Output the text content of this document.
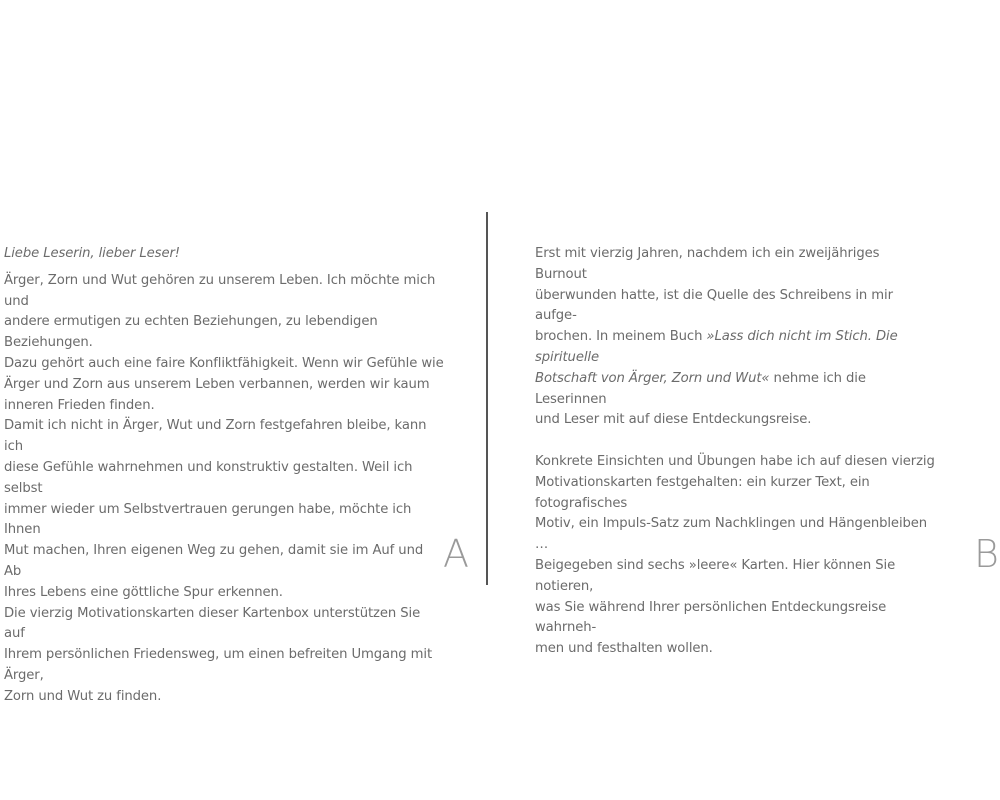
Liebe Leserin, lieber Leser!

Ärger, Zorn und Wut gehören zu unserem Leben. Ich möchte mich und

andere ermutigen zu echten Beziehungen, zu lebendigen Beziehungen.

Dazu gehört auch eine faire Konfliktfähigkeit. Wenn wir Gefühle wie

Ärger und Zorn aus unserem Leben verbannen, werden wir kaum

inneren Frieden finden.

Damit ich nicht in Ärger, Wut und Zorn festgefahren bleibe, kann ich

diese Gefühle wahrnehmen und konstruktiv gestalten. Weil ich selbst

immer wieder um Selbstvertrauen gerungen habe, möchte ich Ihnen

Mut machen, Ihren eigenen Weg zu gehen, damit sie im Auf und Ab

Ihres Lebens eine göttliche Spur erkennen.

Die vierzig Motivationskarten dieser Kartenbox unterstützen Sie auf

Ihrem persönlichen Friedensweg, um einen befreiten Umgang mit Ärger,

Zorn und Wut zu finden.

A

Erst mit vierzig Jahren, nachdem ich ein zweijähriges Burnout

überwunden hatte, ist die Quelle des Schreibens in mir aufge-

brochen. In meinem Buch »Lass dich nicht im Stich. Die spirituelle

Botschaft von Ärger, Zorn und Wut« nehme ich die Leserinnen

und Leser mit auf diese Entdeckungsreise.

Konkrete Einsichten und Übungen habe ich auf diesen vierzig

Motivationskarten festgehalten: ein kurzer Text, ein fotografisches

Motiv, ein Impuls-Satz zum Nachklingen und Hängenbleiben …

Beigegeben sind sechs »leere« Karten. Hier können Sie notieren,

was Sie während Ihrer persönlichen Entdeckungsreise wahrneh-

men und festhalten wollen.

B
